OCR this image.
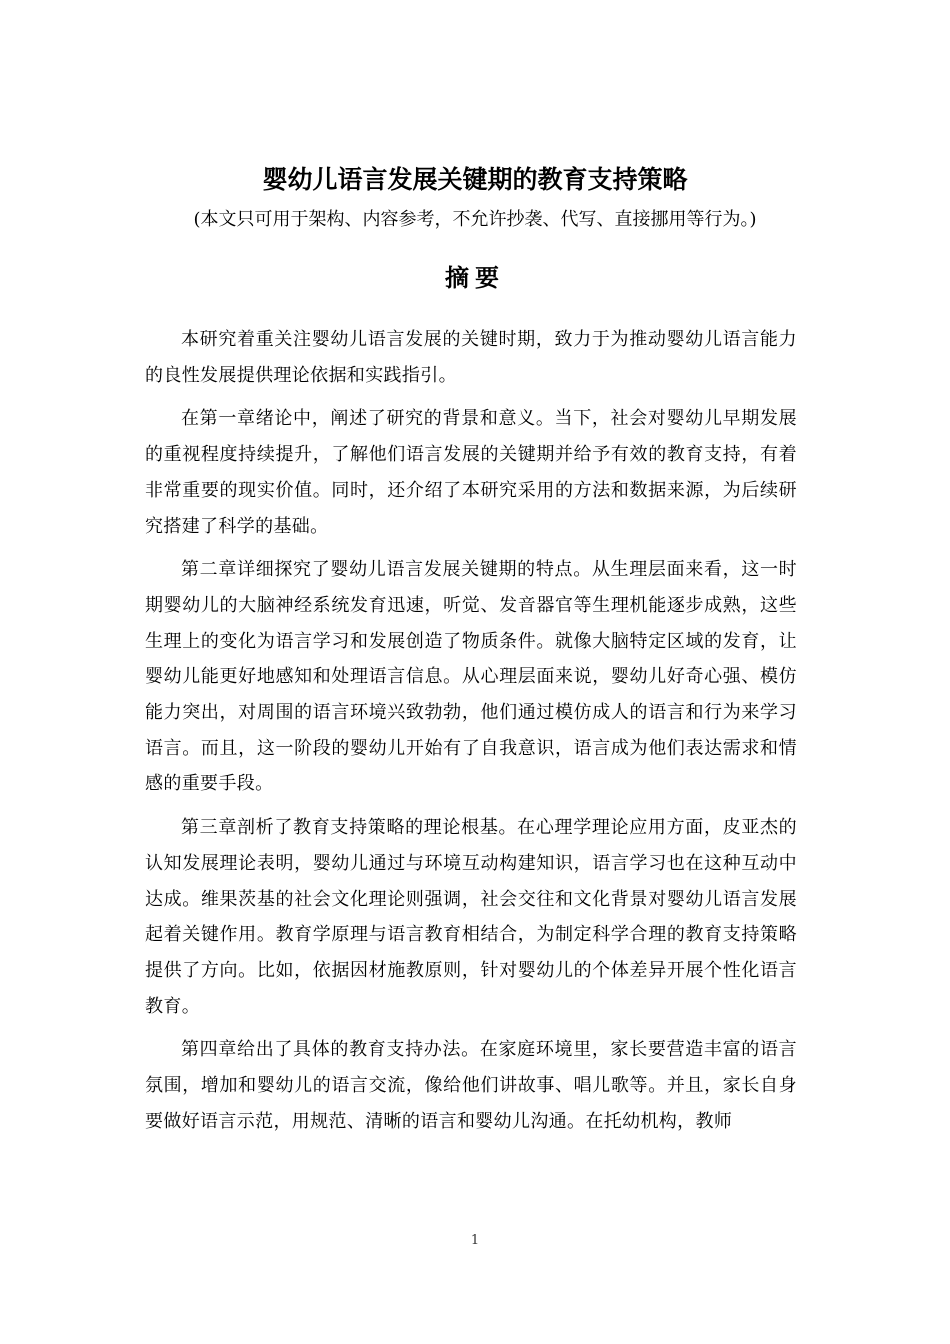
婴幼儿语言发展关键期的教育支持策略
(本文只可用于架构、内容参考，不允许抄袭、代写、直接挪用等行为。)
摘要

本研究着重关注婴幼儿语言发展的关键时期，致力于为推动婴幼儿语言能力的良性发展提供理论依据和实践指引。

在第一章绪论中，阐述了研究的背景和意义。当下，社会对婴幼儿早期发展的重视程度持续提升，了解他们语言发展的关键期并给予有效的教育支持，有着非常重要的现实价值。同时，还介绍了本研究采用的方法和数据来源，为后续研究搭建了科学的基础。

第二章详细探究了婴幼儿语言发展关键期的特点。从生理层面来看，这一时期婴幼儿的大脑神经系统发育迅速，听觉、发音器官等生理机能逐步成熟，这些生理上的变化为语言学习和发展创造了物质条件。就像大脑特定区域的发育，让婴幼儿能更好地感知和处理语言信息。从心理层面来说，婴幼儿好奇心强、模仿能力突出，对周围的语言环境兴致勃勃，他们通过模仿成人的语言和行为来学习语言。而且，这一阶段的婴幼儿开始有了自我意识，语言成为他们表达需求和情感的重要手段。

第三章剖析了教育支持策略的理论根基。在心理学理论应用方面，皮亚杰的认知发展理论表明，婴幼儿通过与环境互动构建知识，语言学习也在这种互动中达成。维果茨基的社会文化理论则强调，社会交往和文化背景对婴幼儿语言发展起着关键作用。教育学原理与语言教育相结合，为制定科学合理的教育支持策略提供了方向。比如，依据因材施教原则，针对婴幼儿的个体差异开展个性化语言教育。

第四章给出了具体的教育支持办法。在家庭环境里，家长要营造丰富的语言氛围，增加和婴幼儿的语言交流，像给他们讲故事、唱儿歌等。并且，家长自身要做好语言示范，用规范、清晰的语言和婴幼儿沟通。在托幼机构，教师

1
